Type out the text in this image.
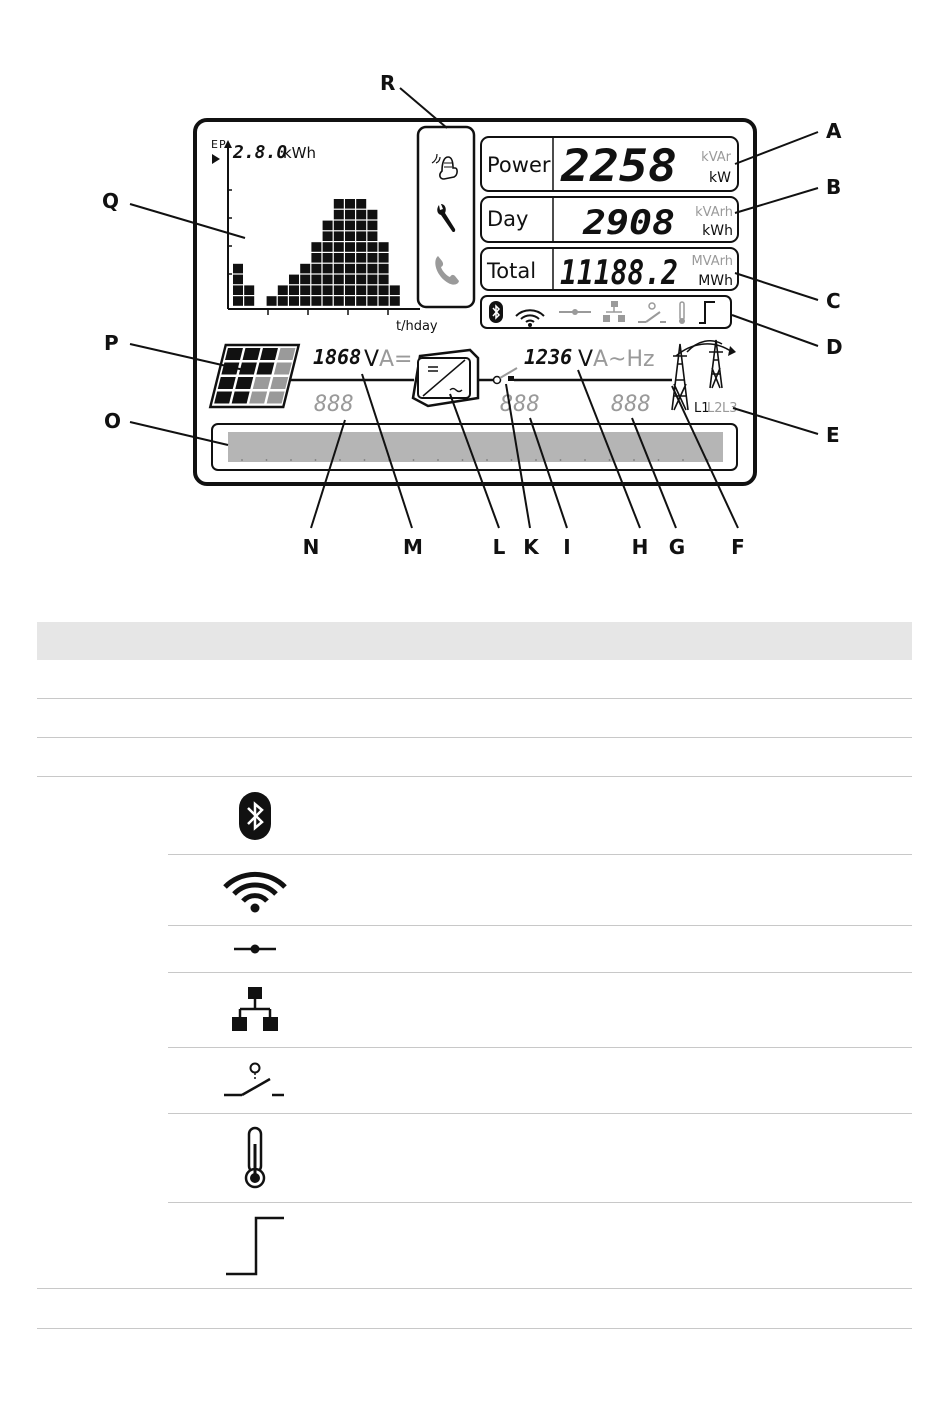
E P 2.8.0
kWh
t/hday
Power 2258 kVAr
kW
Day 2908 kVArh
kWh
Total 11188.2 MVArh
MWh
1868 V A=
888
1236 V A~Hz
888	888	L1
L2 L3
A
B
C
D
E
F
G
H
I
K
L
M
N
O
P
Q
R
